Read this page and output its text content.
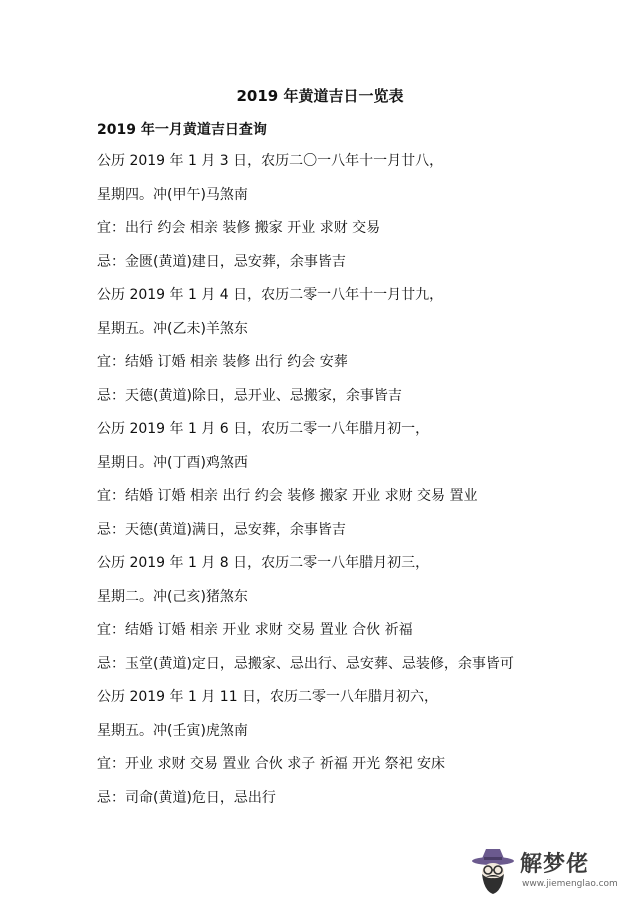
2019 年黄道吉日一览表
2019 年一月黄道吉日查询
公历 2019 年 1 月 3 日，农历二〇一八年十一月廿八，
星期四。冲(甲午)马煞南
宜：出行 约会 相亲 装修 搬家 开业 求财 交易
忌：金匮(黄道)建日，忌安葬，余事皆吉
公历 2019 年 1 月 4 日，农历二零一八年十一月廿九，
星期五。冲(乙未)羊煞东
宜：结婚 订婚 相亲 装修 出行 约会 安葬
忌：天德(黄道)除日，忌开业、忌搬家，余事皆吉
公历 2019 年 1 月 6 日，农历二零一八年腊月初一，
星期日。冲(丁酉)鸡煞西
宜：结婚 订婚 相亲 出行 约会 装修 搬家 开业 求财 交易 置业
忌：天德(黄道)满日，忌安葬，余事皆吉
公历 2019 年 1 月 8 日，农历二零一八年腊月初三，
星期二。冲(己亥)猪煞东
宜：结婚 订婚 相亲 开业 求财 交易 置业 合伙 祈福
忌：玉堂(黄道)定日，忌搬家、忌出行、忌安葬、忌装修，余事皆可
公历 2019 年 1 月 11 日，农历二零一八年腊月初六，
星期五。冲(壬寅)虎煞南
宜：开业 求财 交易 置业 合伙 求子 祈福 开光 祭祀 安床
忌：司命(黄道)危日，忌出行
解梦佬
www.jiemenglao.com
